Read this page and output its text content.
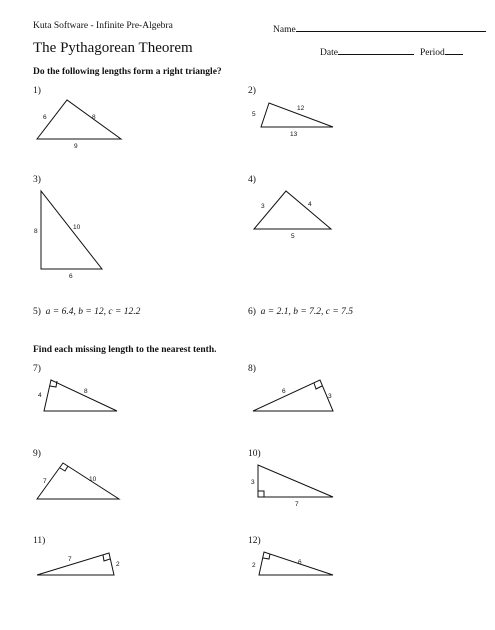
Kuta Software - Infinite Pre-Algebra	Name
The Pythagorean Theorem	Date	Period
Do the following lengths form a right triangle?
1)	2)
3)	4)
5) a = 6.4, b = 12, c = 12.2	6) a = 2.1, b = 7.2, c = 7.5
Find each missing length to the nearest tenth.
7)	8)
9)	10)
11)	12)
6	8
9
5
12
13
8
10
6
3	4
5
4
8	6
3
7	10	3
7
7
2	2	6
